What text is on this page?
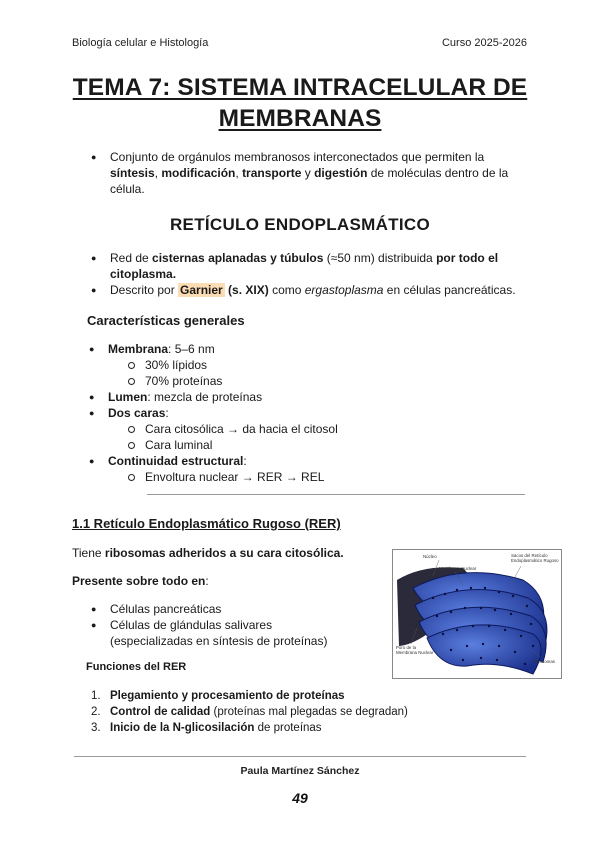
Biología celular e Histología	Curso 2025-2026
TEMA 7: SISTEMA INTRACELULAR DE
MEMBRANAS
● Conjunto de orgánulos membranosos interconectados que permiten la
síntesis, modificación, transporte y digestión de moléculas dentro de la
célula.
RETÍCULO ENDOPLASMÁTICO
● Red de cisternas aplanadas y túbulos (≈50 nm) distribuida por todo el
citoplasma.
● Descrito por Garnier (s. XIX) como ergastoplasma en células pancreáticas.
Características generales
● Membrana: 5–6 nm
30% lípidos
70% proteínas
● Lumen: mezcla de proteínas
● Dos caras:
Cara citosólica → da hacia el citosol
Cara luminal
● Continuidad estructural:
Envoltura nuclear → RER → REL
1.1 Retículo Endoplasmático Rugoso (RER)
Tiene ribosomas adheridos a su cara citosólica.
Presente sobre todo en:
● Células pancreáticas
● Células de glándulas salivares
(especializadas en síntesis de proteínas)
Funciones del RER
1. Plegamiento y procesamiento de proteínas
2. Control de calidad (proteínas mal plegadas se degradan)
3. Inicio de la N-glicosilación de proteínas
Núcleo
Membrana Nuclear
Sacos del Retículo
Endoplasmático Rugoso
Poro de la
Membrana Nuclear
Ribosomas
Paula Martínez Sánchez
49
